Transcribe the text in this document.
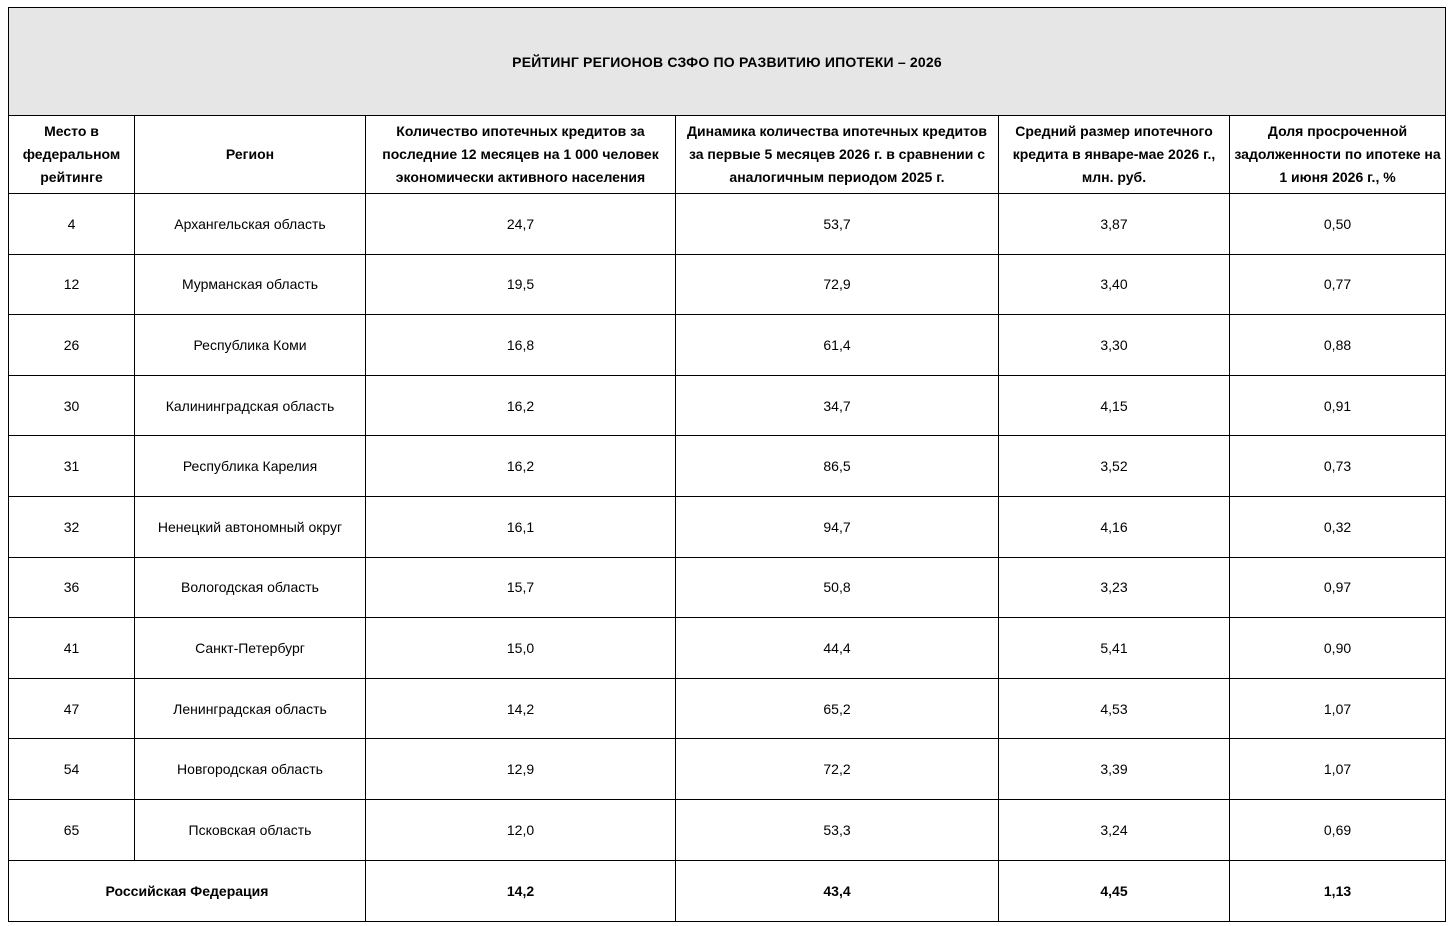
РЕЙТИНГ РЕГИОНОВ СЗФО ПО РАЗВИТИЮ ИПОТЕКИ – 2026					
Место в федеральном рейтинге	Регион	Количество ипотечных кредитов за последние 12 месяцев на 1 000 человек экономически активного населения	Динамика количества ипотечных кредитов за первые 5 месяцев 2026 г. в сравнении с аналогичным периодом 2025 г.	Средний размер ипотечного кредита в январе-мае 2026 г., млн. руб.	Доля просроченной задолженности по ипотеке на 1 июня 2026 г., %
4	Архангельская область	24,7	53,7	3,87	0,50
12	Мурманская область	19,5	72,9	3,40	0,77
26	Республика Коми	16,8	61,4	3,30	0,88
30	Калининградская область	16,2	34,7	4,15	0,91
31	Республика Карелия	16,2	86,5	3,52	0,73
32	Ненецкий автономный округ	16,1	94,7	4,16	0,32
36	Вологодская область	15,7	50,8	3,23	0,97
41	Санкт-Петербург	15,0	44,4	5,41	0,90
47	Ленинградская область	14,2	65,2	4,53	1,07
54	Новгородская область	12,9	72,2	3,39	1,07
65	Псковская область	12,0	53,3	3,24	0,69
Российская Федерация		14,2	43,4	4,45	1,13
